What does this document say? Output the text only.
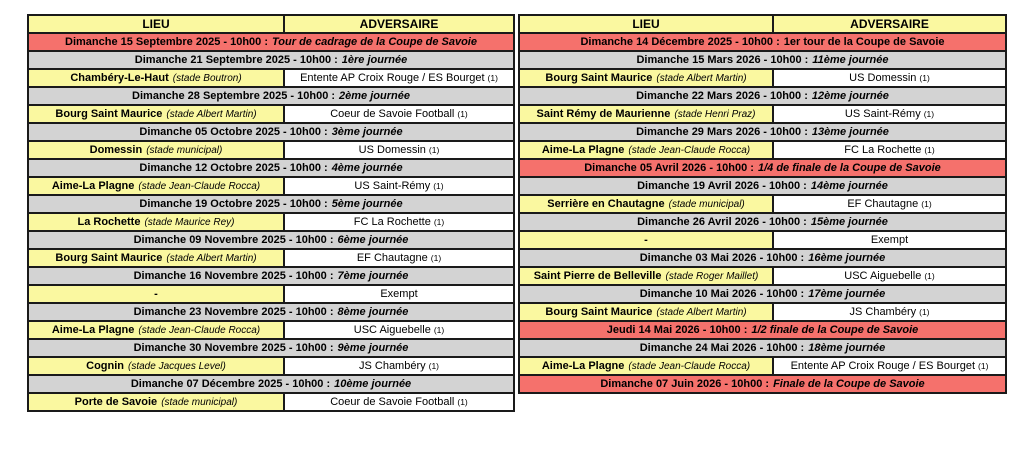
LIEU	ADVERSAIRE
Dimanche 15 Septembre 2025 - 10h00 : Tour de cadrage de la Coupe de Savoie	
Dimanche 21 Septembre 2025 - 10h00 : 1ère journée	
Chambéry-Le-Haut (stade Boutron)	Entente AP Croix Rouge / ES Bourget (1)
Dimanche 28 Septembre 2025 - 10h00 : 2ème journée	
Bourg Saint Maurice (stade Albert Martin)	Coeur de Savoie Football (1)
Dimanche 05 Octobre 2025 - 10h00 : 3ème journée	
Domessin (stade municipal)	US Domessin (1)
Dimanche 12 Octobre 2025 - 10h00 : 4ème journée	
Aime-La Plagne (stade Jean-Claude Rocca)	US Saint-Rémy (1)
Dimanche 19 Octobre 2025 - 10h00 : 5ème journée	
La Rochette (stade Maurice Rey)	FC La Rochette (1)
Dimanche 09 Novembre 2025 - 10h00 : 6ème journée	
Bourg Saint Maurice (stade Albert Martin)	EF Chautagne (1)
Dimanche 16 Novembre 2025 - 10h00 : 7ème journée	
-	Exempt
Dimanche 23 Novembre 2025 - 10h00 : 8ème journée	
Aime-La Plagne (stade Jean-Claude Rocca)	USC Aiguebelle (1)
Dimanche 30 Novembre 2025 - 10h00 : 9ème journée	
Cognin (stade Jacques Level)	JS Chambéry (1)
Dimanche 07 Décembre 2025 - 10h00 : 10ème journée	
Porte de Savoie (stade municipal)	Coeur de Savoie Football (1)
LIEU	ADVERSAIRE
Dimanche 14 Décembre 2025 - 10h00 : 1er tour de la Coupe de Savoie	
Dimanche 15 Mars 2026 - 10h00 : 11ème journée	
Bourg Saint Maurice (stade Albert Martin)	US Domessin (1)
Dimanche 22 Mars 2026 - 10h00 : 12ème journée	
Saint Rémy de Maurienne (stade Henri Praz)	US Saint-Rémy (1)
Dimanche 29 Mars 2026 - 10h00 : 13ème journée	
Aime-La Plagne (stade Jean-Claude Rocca)	FC La Rochette (1)
Dimanche 05 Avril 2026 - 10h00 : 1/4 de finale de la Coupe de Savoie	
Dimanche 19 Avril 2026 - 10h00 : 14ème journée	
Serrière en Chautagne (stade municipal)	EF Chautagne (1)
Dimanche 26 Avril 2026 - 10h00 : 15ème journée	
-	Exempt
Dimanche 03 Mai 2026 - 10h00 : 16ème journée	
Saint Pierre de Belleville (stade Roger Maillet)	USC Aiguebelle (1)
Dimanche 10 Mai 2026 - 10h00 : 17ème journée	
Bourg Saint Maurice (stade Albert Martin)	JS Chambéry (1)
Jeudi 14 Mai 2026 - 10h00 : 1/2 finale de la Coupe de Savoie	
Dimanche 24 Mai 2026 - 10h00 : 18ème journée	
Aime-La Plagne (stade Jean-Claude Rocca)	Entente AP Croix Rouge / ES Bourget (1)
Dimanche 07 Juin 2026 - 10h00 : Finale de la Coupe de Savoie	
